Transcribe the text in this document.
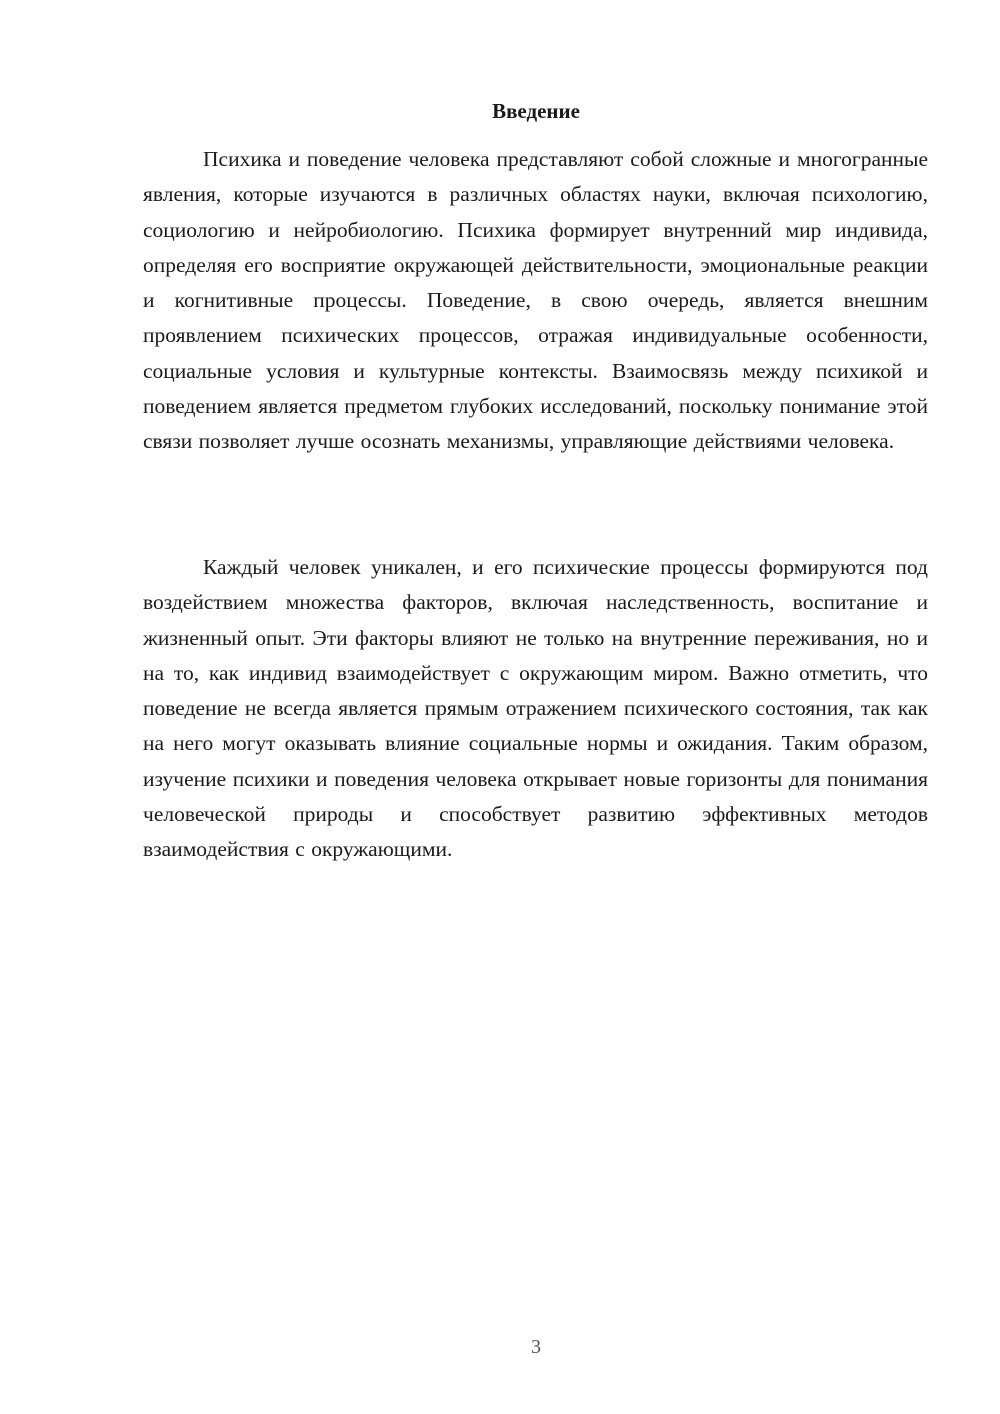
Введение

Психика и поведение человека представляют собой сложные и многогранные явления, которые изучаются в различных областях науки, включая психологию, социологию и нейробиологию. Психика формирует внутренний мир индивида, определяя его восприятие окружающей действительности, эмоциональные реакции и когнитивные процессы. Поведение, в свою очередь, является внешним проявлением психических процессов, отражая индивидуальные особенности, социальные условия и культурные контексты. Взаимосвязь между психикой и поведением является предметом глубоких исследований, поскольку понимание этой связи позволяет лучше осознать механизмы, управляющие действиями человека.

Каждый человек уникален, и его психические процессы формируются под воздействием множества факторов, включая наследственность, воспитание и жизненный опыт. Эти факторы влияют не только на внутренние переживания, но и на то, как индивид взаимодействует с окружающим миром. Важно отметить, что поведение не всегда является прямым отражением психического состояния, так как на него могут оказывать влияние социальные нормы и ожидания. Таким образом, изучение психики и поведения человека открывает новые горизонты для понимания человеческой природы и способствует развитию эффективных методов взаимодействия с окружающими.

3
